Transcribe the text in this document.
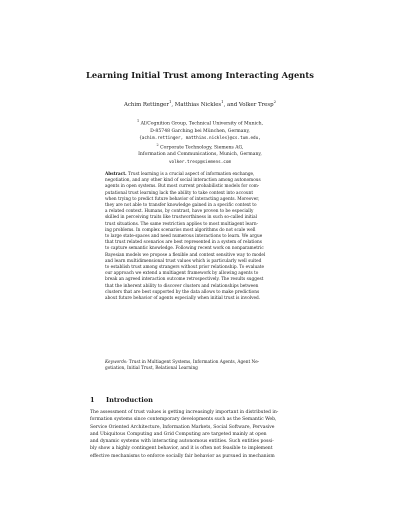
Learning Initial Trust among Interacting Agents
Achim Rettinger$^1$, Matthias Nickles$^1$, and Volker Tresp$^2$
$^1$ AI/Cognition Group, Technical University of Munich,
D-85748 Garching bei München, Germany,
{achim.rettinger, matthias.nickles}@cs.tum.edu,
$^2$ Corporate Technology, Siemens AG,
Information and Communications, Munich, Germany,
volker.tresp@siemens.com
Abstract. Trust learning is a crucial aspect of information exchange,
negotiation, and any other kind of social interaction among autonomous
agents in open systems. But most current probabilistic models for com-
putational trust learning lack the ability to take context into account
when trying to predict future behavior of interacting agents. Moreover,
they are not able to transfer knowledge gained in a specific context to
a related context. Humans, by contrast, have proven to be especially
skilled in perceiving traits like trustworthiness in such so-called initial
trust situations. The same restriction applies to most multiagent learn-
ing problems. In complex scenarios most algorithms do not scale well
to large state-spaces and need numerous interactions to learn. We argue
that trust related scenarios are best represented in a system of relations
to capture semantic knowledge. Following recent work on nonparametric
Bayesian models we propose a flexible and context sensitive way to model
and learn multidimensional trust values which is particularly well suited
to establish trust among strangers without prior relationship. To evaluate
our approach we extend a multiagent framework by allowing agents to
break an agreed interaction outcome retrospectively. The results suggest
that the inherent ability to discover clusters and relationships between
clusters that are best supported by the data allows to make predictions
about future behavior of agents especially when initial trust is involved.
Keywords: Trust in Multiagent Systems, Information Agents, Agent Ne-
gotiation, Initial Trust, Relational Learning
1 Introduction
The assessment of trust values is getting increasingly important in distributed in-
formation systems since contemporary developments such as the Semantic Web,
Service Oriented Architecture, Information Markets, Social Software, Pervasive
and Ubiquitous Computing and Grid Computing are targeted mainly at open
and dynamic systems with interacting autonomous entities. Such entities possi-
bly show a highly contingent behavior, and it is often not feasible to implement
effective mechanisms to enforce socially fair behavior as pursued in mechanism
